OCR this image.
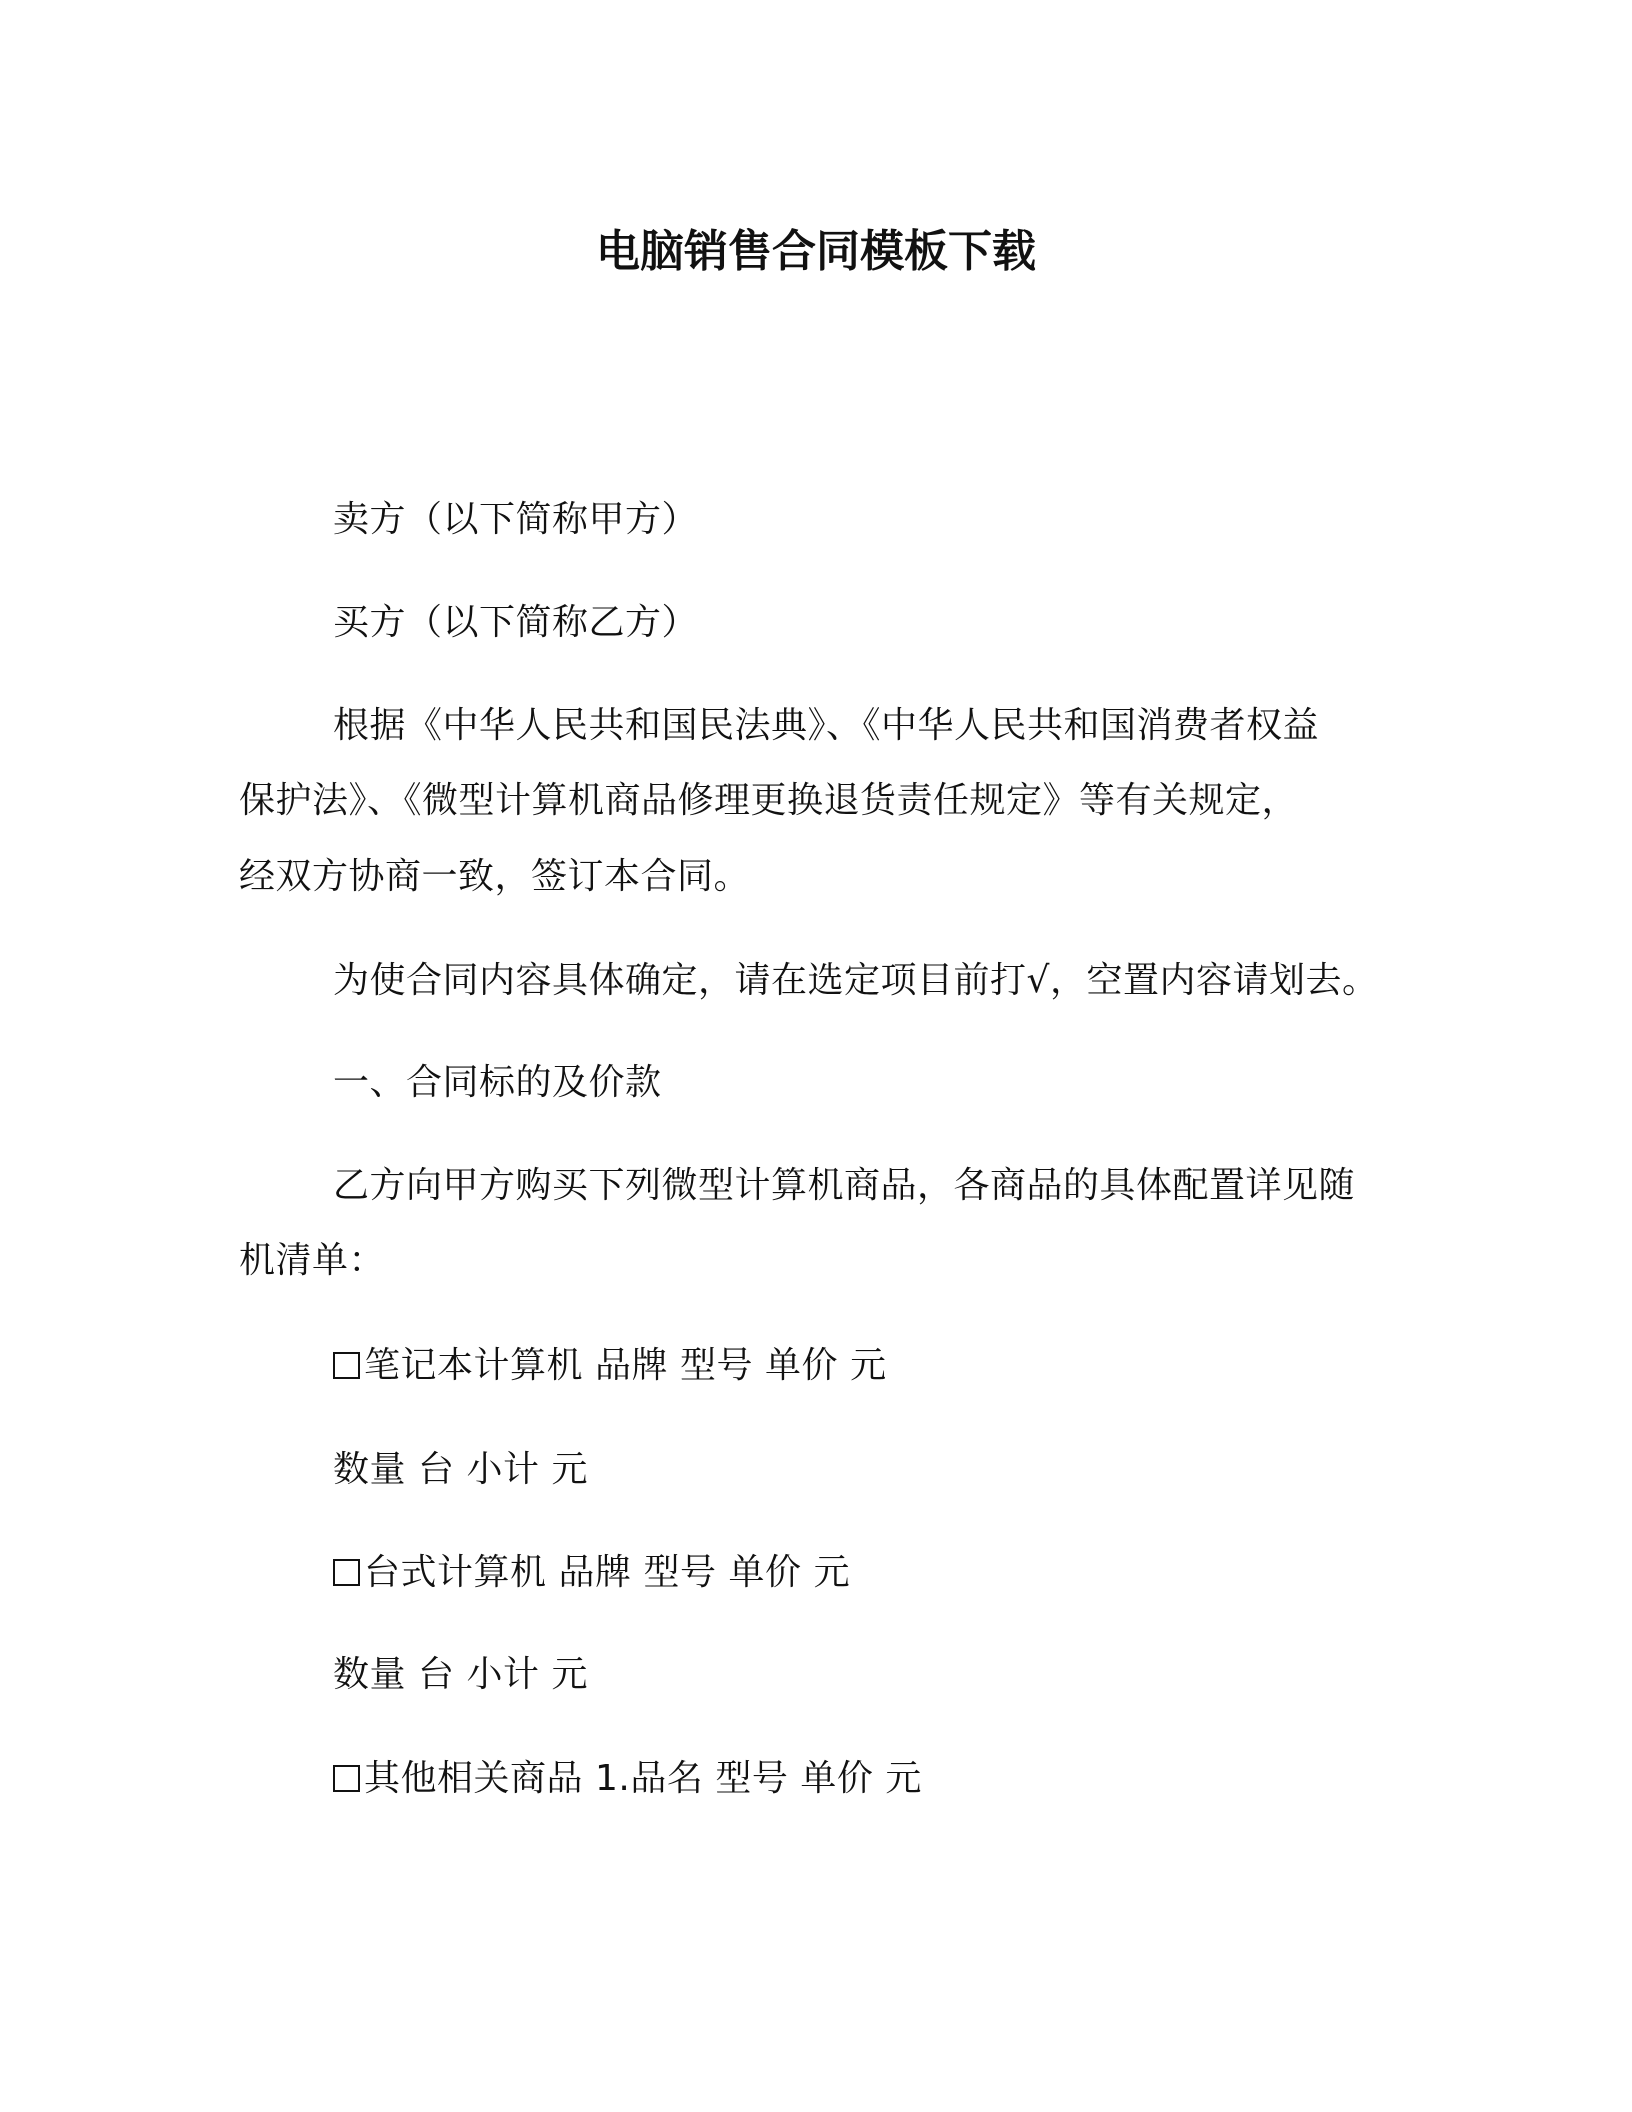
电脑销售合同模板下载
卖方（以下简称甲方）
买方（以下简称乙方）
根据《中华人民共和国民法典》、《中华人民共和国消费者权益
保护法》、《微型计算机商品修理更换退货责任规定》等有关规定，
经双方协商一致，签订本合同。
为使合同内容具体确定，请在选定项目前打√，空置内容请划去。
一、合同标的及价款
乙方向甲方购买下列微型计算机商品，各商品的具体配置详见随
机清单：
笔记本计算机 品牌 型号 单价 元
数量 台 小计 元
台式计算机 品牌 型号 单价 元
数量 台 小计 元
其他相关商品 1.品名 型号 单价 元
